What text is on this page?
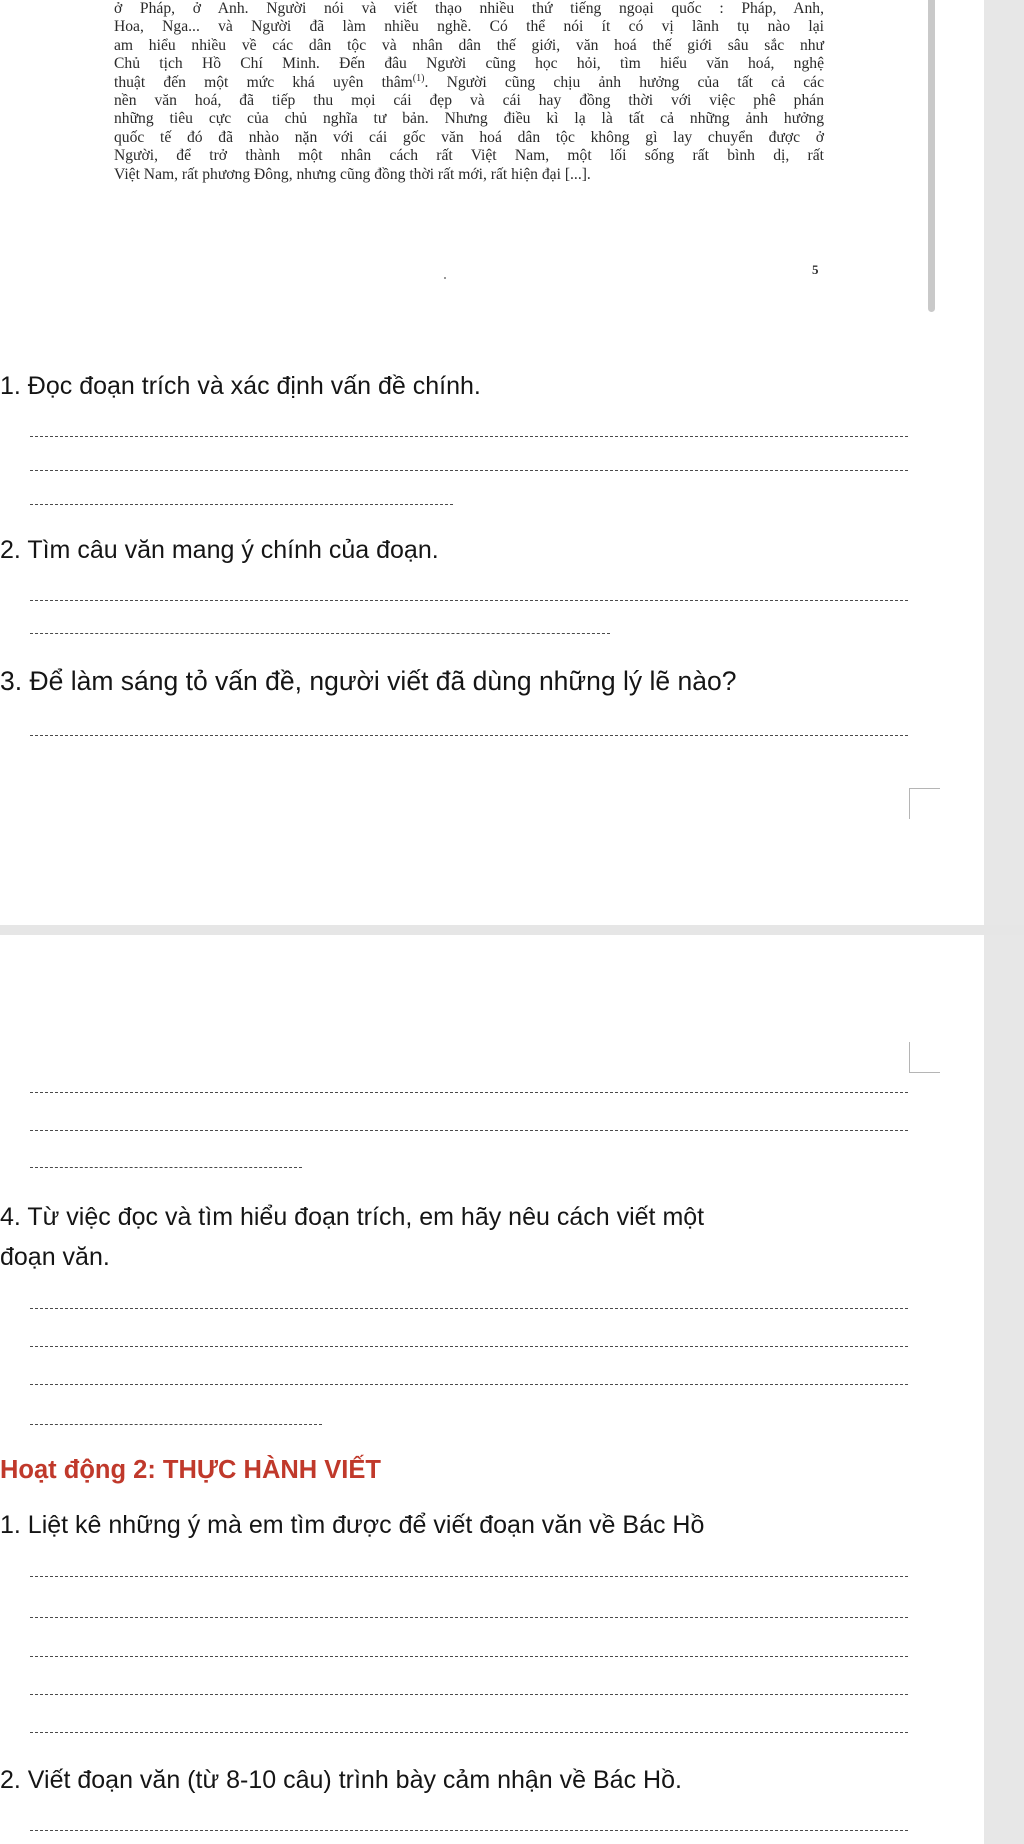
ở Pháp, ở Anh. Người nói và viết thạo nhiều thứ tiếng ngoại quốc : Pháp, Anh,
Hoa, Nga... và Người đã làm nhiều nghề. Có thể nói ít có vị lãnh tụ nào lại
am hiểu nhiều về các dân tộc và nhân dân thế giới, văn hoá thế giới sâu sắc như
Chủ tịch Hồ Chí Minh. Đến đâu Người cũng học hỏi, tìm hiểu văn hoá, nghệ
thuật đến một mức khá uyên thâm$^{(1)}$. Người cũng chịu ảnh hưởng của tất cả các
nền văn hoá, đã tiếp thu mọi cái đẹp và cái hay đồng thời với việc phê phán
những tiêu cực của chủ nghĩa tư bản. Nhưng điều kì lạ là tất cả những ảnh hưởng
quốc tế đó đã nhào nặn với cái gốc văn hoá dân tộc không gì lay chuyển được ở
Người, để trở thành một nhân cách rất Việt Nam, một lối sống rất bình dị, rất
Việt Nam, rất phương Đông, nhưng cũng đồng thời rất mới, rất hiện đại [...].
5

1. Đọc đoạn trích và xác định vấn đề chính.

2. Tìm câu văn mang ý chính của đoạn.

3. Để làm sáng tỏ vấn đề, người viết đã dùng những lý lẽ nào?

4. Từ việc đọc và tìm hiểu đoạn trích, em hãy nêu cách viết một

đoạn văn.

Hoạt động 2: THỰC HÀNH VIẾT

1. Liệt kê những ý mà em tìm được để viết đoạn văn về Bác Hồ

2. Viết đoạn văn (từ 8-10 câu) trình bày cảm nhận về Bác Hồ.
